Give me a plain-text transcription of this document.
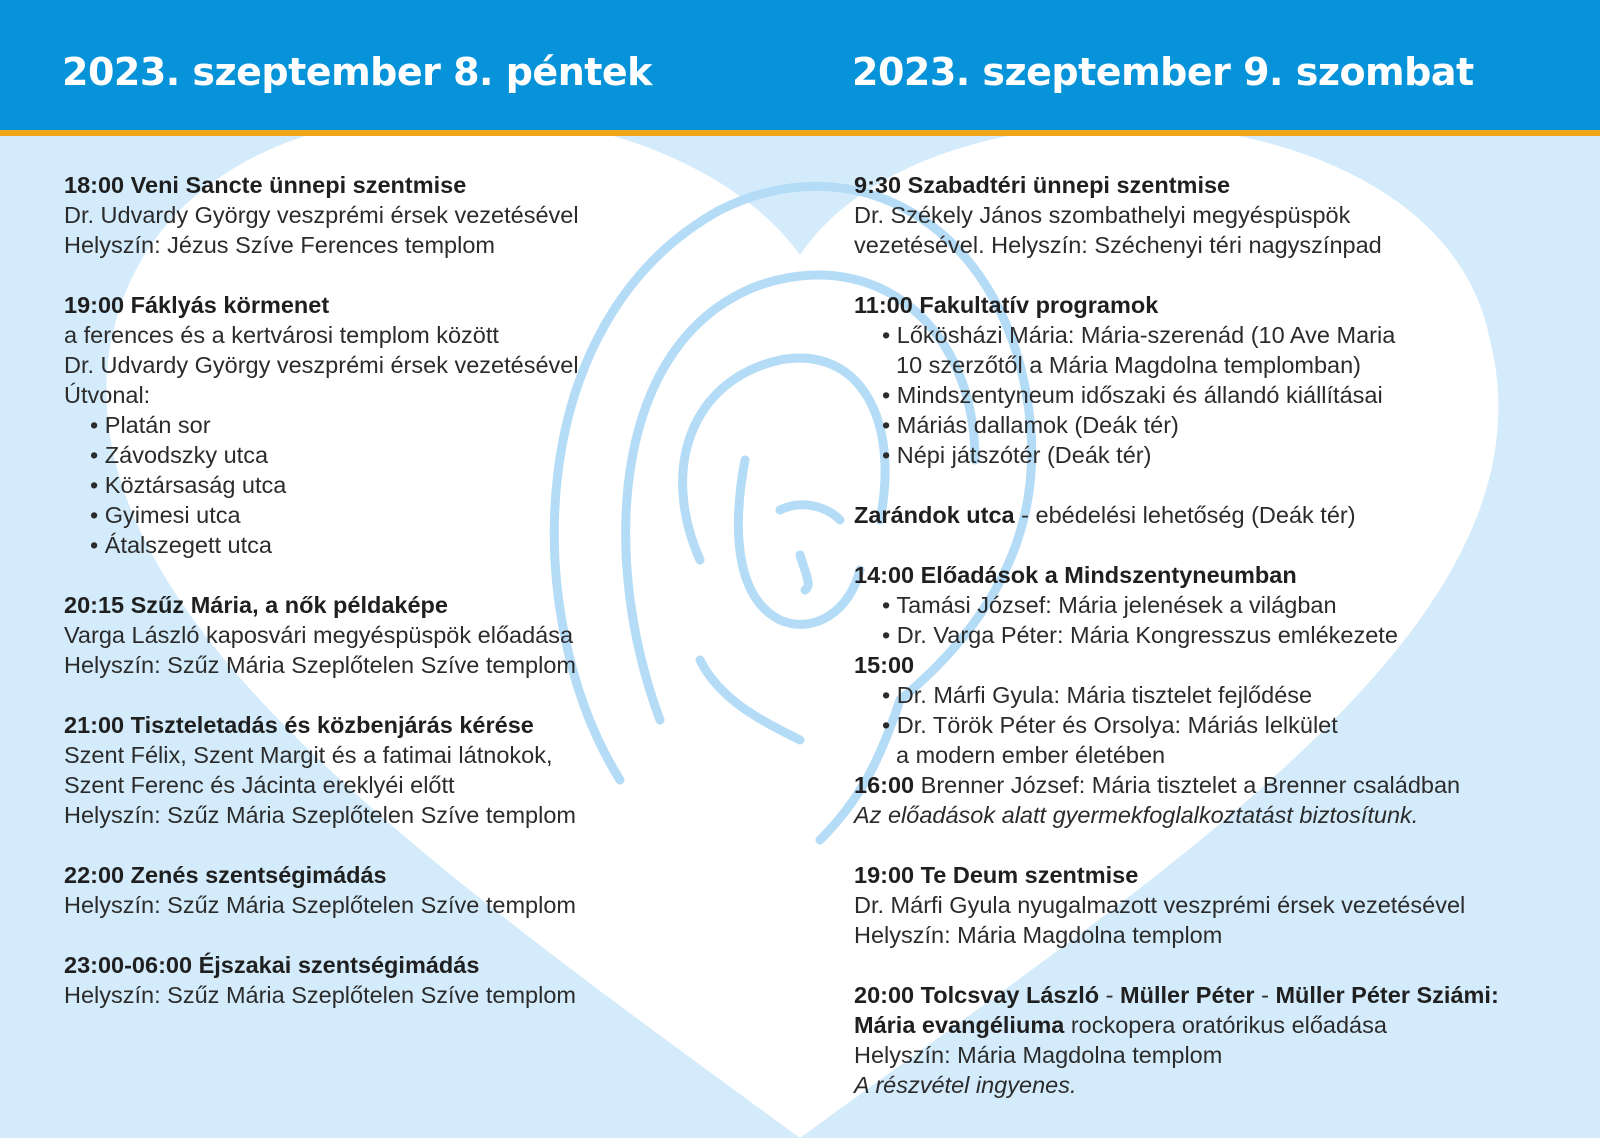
2023. szeptember 8. péntek	2023. szeptember 9. szombat
18:00 Veni Sancte ünnepi szentmise
Dr. Udvardy György veszprémi érsek vezetésével
Helyszín: Jézus Szíve Ferences templom
19:00 Fáklyás körmenet
a ferences és a kertvárosi templom között
Dr. Udvardy György veszprémi érsek vezetésével
Útvonal:
• Platán sor
• Závodszky utca
• Köztársaság utca
• Gyimesi utca
• Átalszegett utca
20:15 Szűz Mária, a nők példaképe
Varga László kaposvári megyéspüspök előadása
Helyszín: Szűz Mária Szeplőtelen Szíve templom
21:00 Tiszteletadás és közbenjárás kérése
Szent Félix, Szent Margit és a fatimai látnokok,
Szent Ferenc és Jácinta ereklyéi előtt
Helyszín: Szűz Mária Szeplőtelen Szíve templom
22:00 Zenés szentségimádás
Helyszín: Szűz Mária Szeplőtelen Szíve templom
23:00-06:00 Éjszakai szentségimádás
Helyszín: Szűz Mária Szeplőtelen Szíve templom
9:30 Szabadtéri ünnepi szentmise
Dr. Székely János szombathelyi megyéspüspök
vezetésével. Helyszín: Széchenyi téri nagyszínpad
11:00 Fakultatív programok
• Lőkösházi Mária: Mária-szerenád (10 Ave Maria
10 szerzőtől a Mária Magdolna templomban)
• Mindszentyneum időszaki és állandó kiállításai
• Máriás dallamok (Deák tér)
• Népi játszótér (Deák tér)
Zarándok utca - ebédelési lehetőség (Deák tér)
14:00 Előadások a Mindszentyneumban
• Tamási József: Mária jelenések a világban
• Dr. Varga Péter: Mária Kongresszus emlékezete
15:00
• Dr. Márfi Gyula: Mária tisztelet fejlődése
• Dr. Török Péter és Orsolya: Máriás lelkület
a modern ember életében
16:00 Brenner József: Mária tisztelet a Brenner családban
Az előadások alatt gyermekfoglalkoztatást biztosítunk.
19:00 Te Deum szentmise
Dr. Márfi Gyula nyugalmazott veszprémi érsek vezetésével
Helyszín: Mária Magdolna templom
20:00 Tolcsvay László - Müller Péter - Müller Péter Sziámi:
Mária evangéliuma rockopera oratórikus előadása
Helyszín: Mária Magdolna templom
A részvétel ingyenes.
